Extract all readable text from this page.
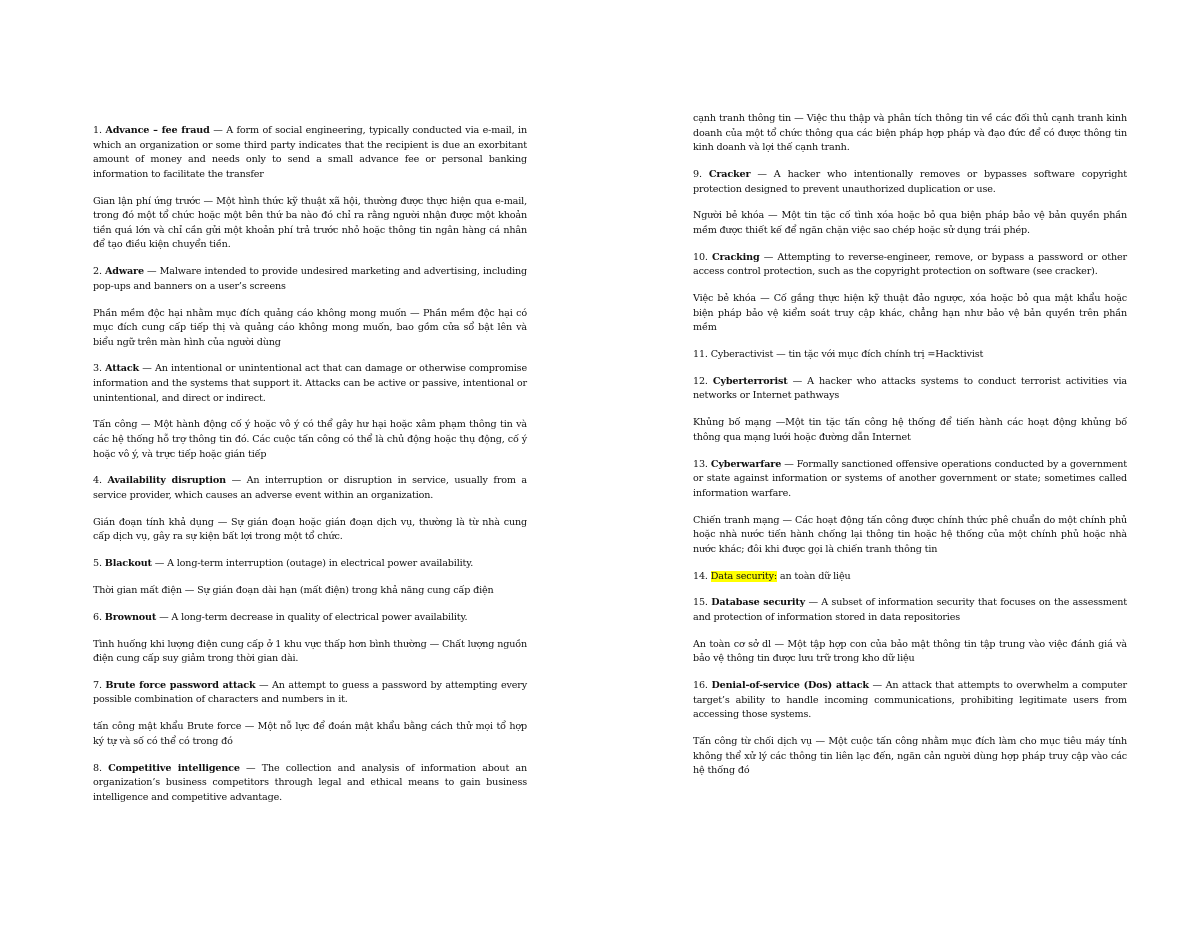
1. Advance – fee fraud — A form of social engineering, typically conducted via e-mail, in which an organization or some third party indicates that the recipient is due an exorbitant amount of money and needs only to send a small advance fee or personal banking information to facilitate the transfer

Gian lận phí ứng trước — Một hình thức kỹ thuật xã hội, thường được thực hiện qua e-mail, trong đó một tổ chức hoặc một bên thứ ba nào đó chỉ ra rằng người nhận được một khoản tiền quá lớn và chỉ cần gửi một khoản phí trả trước nhỏ hoặc thông tin ngân hàng cá nhân để tạo điều kiện chuyển tiền.

2. Adware — Malware intended to provide undesired marketing and advertising, including pop-ups and banners on a user’s screens

Phần mềm độc hại nhằm mục đích quảng cáo không mong muốn — Phần mềm độc hại có mục đích cung cấp tiếp thị và quảng cáo không mong muốn, bao gồm cửa sổ bật lên và biểu ngữ trên màn hình của người dùng

3. Attack — An intentional or unintentional act that can damage or otherwise compromise information and the systems that support it. Attacks can be active or passive, intentional or unintentional, and direct or indirect.

Tấn công — Một hành động cố ý hoặc vô ý có thể gây hư hại hoặc xâm phạm thông tin và các hệ thống hỗ trợ thông tin đó. Các cuộc tấn công có thể là chủ động hoặc thụ động, cố ý hoặc vô ý, và trực tiếp hoặc gián tiếp

4. Availability disruption — An interruption or disruption in service, usually from a service provider, which causes an adverse event within an organization.

Gián đoạn tính khả dụng — Sự gián đoạn hoặc gián đoạn dịch vụ, thường là từ nhà cung cấp dịch vụ, gây ra sự kiện bất lợi trong một tổ chức.

5. Blackout — A long-term interruption (outage) in electrical power availability.

Thời gian mất điện — Sự gián đoạn dài hạn (mất điện) trong khả năng cung cấp điện

6. Brownout — A long-term decrease in quality of electrical power availability.

Tình huống khi lượng điện cung cấp ở 1 khu vực thấp hơn bình thường — Chất lượng nguồn điện cung cấp suy giảm trong thời gian dài.

7. Brute force password attack — An attempt to guess a password by attempting every possible combination of characters and numbers in it.

tấn công mật khẩu Brute force — Một nỗ lực để đoán mật khẩu bằng cách thử mọi tổ hợp ký tự và số có thể có trong đó

8. Competitive intelligence — The collection and analysis of information about an organization’s business competitors through legal and ethical means to gain business intelligence and competitive advantage.

cạnh tranh thông tin — Việc thu thập và phân tích thông tin về các đối thủ cạnh tranh kinh doanh của một tổ chức thông qua các biện pháp hợp pháp và đạo đức để có được thông tin kinh doanh và lợi thế cạnh tranh.

9. Cracker — A hacker who intentionally removes or bypasses software copyright protection designed to prevent unauthorized duplication or use.

Người bẻ khóa — Một tin tặc cố tình xóa hoặc bỏ qua biện pháp bảo vệ bản quyền phần mềm được thiết kế để ngăn chặn việc sao chép hoặc sử dụng trái phép.

10. Cracking — Attempting to reverse-engineer, remove, or bypass a password or other access control protection, such as the copyright protection on software (see cracker).

Việc bẻ khóa — Cố gắng thực hiện kỹ thuật đảo ngược, xóa hoặc bỏ qua mật khẩu hoặc biện pháp bảo vệ kiểm soát truy cập khác, chẳng hạn như bảo vệ bản quyền trên phần mềm

11. Cyberactivist — tin tặc với mục đích chính trị =Hacktivist

12. Cyberterrorist — A hacker who attacks systems to conduct terrorist activities via networks or Internet pathways

Khủng bố mạng —Một tin tặc tấn công hệ thống để tiến hành các hoạt động khủng bố thông qua mạng lưới hoặc đường dẫn Internet

13. Cyberwarfare — Formally sanctioned offensive operations conducted by a government or state against information or systems of another government or state; sometimes called information warfare.

Chiến tranh mạng — Các hoạt động tấn công được chính thức phê chuẩn do một chính phủ hoặc nhà nước tiến hành chống lại thông tin hoặc hệ thống của một chính phủ hoặc nhà nước khác; đôi khi được gọi là chiến tranh thông tin

14. Data security: an toàn dữ liệu

15. Database security — A subset of information security that focuses on the assessment and protection of information stored in data repositories

An toàn cơ sở dl — Một tập hợp con của bảo mật thông tin tập trung vào việc đánh giá và bảo vệ thông tin được lưu trữ trong kho dữ liệu

16. Denial-of-service (Dos) attack — An attack that attempts to overwhelm a computer target’s ability to handle incoming communications, prohibiting legitimate users from accessing those systems.

Tấn công từ chối dịch vụ — Một cuộc tấn công nhằm mục đích làm cho mục tiêu máy tính không thể xử lý các thông tin liên lạc đến, ngăn cản người dùng hợp pháp truy cập vào các hệ thống đó
